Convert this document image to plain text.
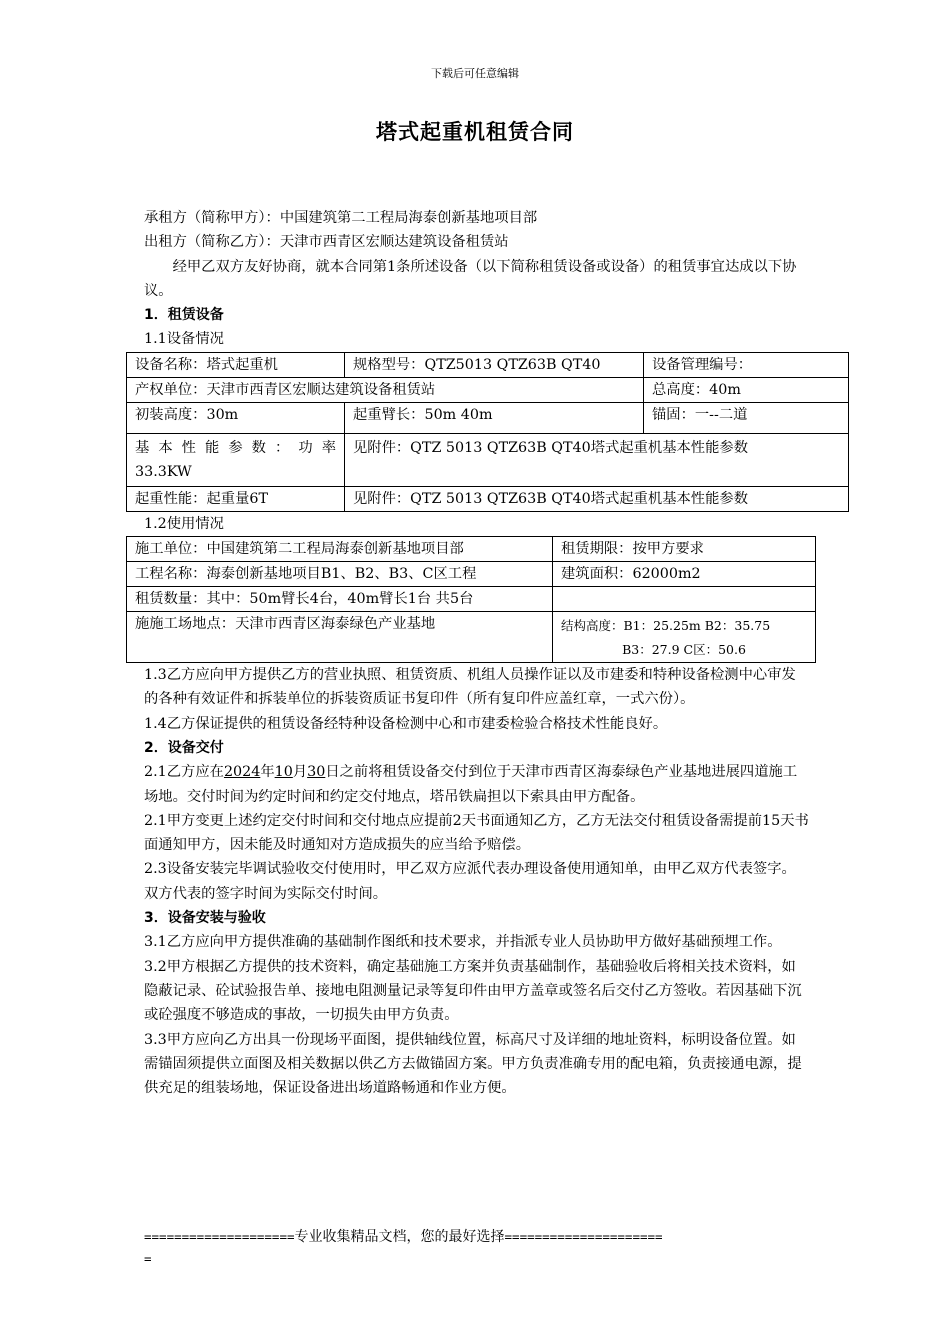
下载后可任意编辑
塔式起重机租赁合同

承租方（简称甲方）：中国建筑第二工程局海泰创新基地项目部

出租方（简称乙方）：天津市西青区宏顺达建筑设备租赁站

经甲乙双方友好协商，就本合同第1条所述设备（以下简称租赁设备或设备）的租赁事宜达成以下协议。

1．租赁设备

1.1设备情况

设备名称：塔式起重机	规格型号：QTZ5013 QTZ63B QT40	设备管理编号：
产权单位：天津市西青区宏顺达建筑设备租赁站		总高度：40m
初装高度：30m	起重臂长：50m 40m	锚固：一--二道

基 本 性 能 参 数 ： 功 率
33.3KW	见附件：QTZ 5013 QTZ63B QT40塔式起重机基本性能参数	
起重性能：起重量6T	见附件：QTZ 5013 QTZ63B QT40塔式起重机基本性能参数	

1.2使用情况

施工单位：中国建筑第二工程局海泰创新基地项目部	租赁期限：按甲方要求
工程名称：海泰创新基地项目B1、B2、B3、C区工程	建筑面积：62000m2
租赁数量：其中：50m臂长4台，40m臂长1台 共5台	
施施工场地点：天津市西青区海泰绿色产业基地	结构高度：B1：25.25m B2：35.75
B3：27.9 C区：50.6

1.3乙方应向甲方提供乙方的营业执照、租赁资质、机组人员操作证以及市建委和特种设备检测中心审发的各种有效证件和拆装单位的拆装资质证书复印件（所有复印件应盖红章，一式六份）。

1.4乙方保证提供的租赁设备经特种设备检测中心和市建委检验合格技术性能良好。

2．设备交付

2.1乙方应在2024年10月30日之前将租赁设备交付到位于天津市西青区海泰绿色产业基地进展四道施工场地。交付时间为约定时间和约定交付地点，塔吊铁扁担以下索具由甲方配备。

2.1甲方变更上述约定交付时间和交付地点应提前2天书面通知乙方，乙方无法交付租赁设备需提前15天书面通知甲方，因未能及时通知对方造成损失的应当给予赔偿。

2.3设备安装完毕调试验收交付使用时，甲乙双方应派代表办理设备使用通知单，由甲乙双方代表签字。双方代表的签字时间为实际交付时间。

3．设备安装与验收

3.1乙方应向甲方提供准确的基础制作图纸和技术要求，并指派专业人员协助甲方做好基础预埋工作。

3.2甲方根据乙方提供的技术资料，确定基础施工方案并负责基础制作，基础验收后将相关技术资料，如隐蔽记录、砼试验报告单、接地电阻测量记录等复印件由甲方盖章或签名后交付乙方签收。若因基础下沉或砼强度不够造成的事故，一切损失由甲方负责。

3.3甲方应向乙方出具一份现场平面图，提供轴线位置，标高尺寸及详细的地址资料，标明设备位置。如需锚固须提供立面图及相关数据以供乙方去做锚固方案。甲方负责准确专用的配电箱，负责接通电源，提供充足的组装场地，保证设备进出场道路畅通和作业方便。

====================专业收集精品文档，您的最好选择=====================
=
